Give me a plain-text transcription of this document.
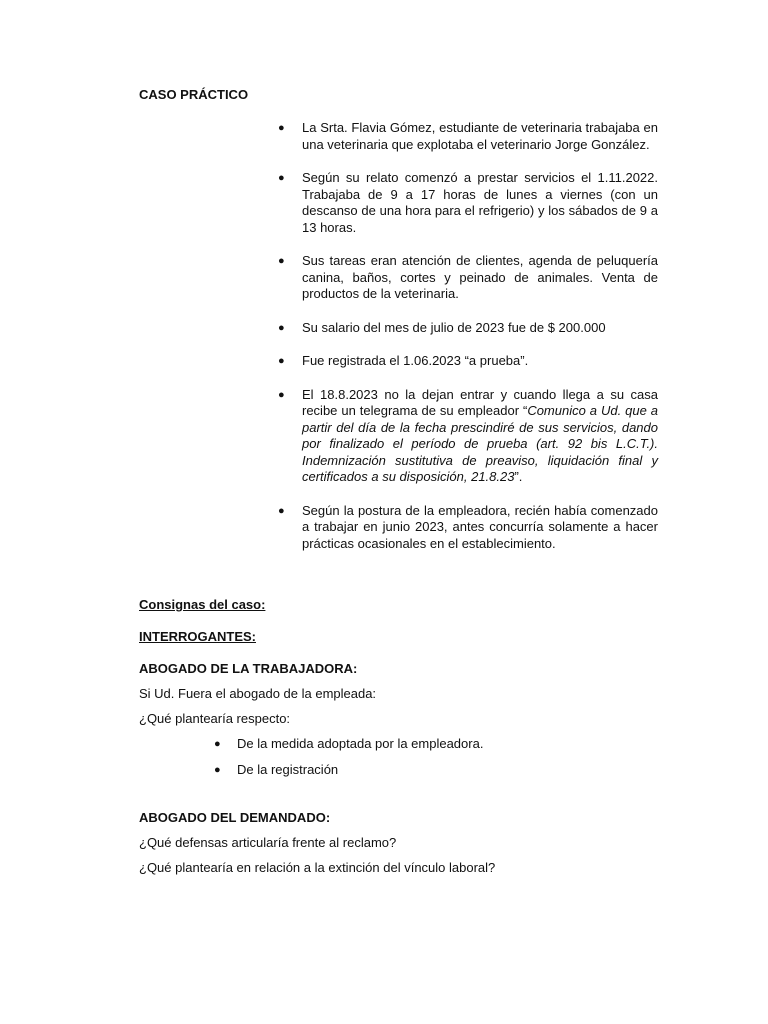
CASO PRÁCTICO

● La Srta. Flavia Gómez, estudiante de veterinaria trabajaba en una veterinaria que explotaba el veterinario Jorge González.
● Según su relato comenzó a prestar servicios el 1.11.2022. Trabajaba de 9 a 17 horas de lunes a viernes (con un descanso de una hora para el refrigerio) y los sábados de 9 a 13 horas.
● Sus tareas eran atención de clientes, agenda de peluquería canina, baños, cortes y peinado de animales. Venta de productos de la veterinaria.
● Su salario del mes de julio de 2023 fue de $ 200.000
● Fue registrada el 1.06.2023 “a prueba”.
● El 18.8.2023 no la dejan entrar y cuando llega a su casa recibe un telegrama de su empleador “Comunico a Ud. que a partir del día de la fecha prescindiré de sus servicios, dando por finalizado el período de prueba (art. 92 bis L.C.T.). Indemnización sustitutiva de preaviso, liquidación final y certificados a su disposición, 21.8.23”.
● Según la postura de la empleadora, recién había comenzado a trabajar en junio 2023, antes concurría solamente a hacer prácticas ocasionales en el establecimiento.

Consignas del caso:

INTERROGANTES:

ABOGADO DE LA TRABAJADORA:

Si Ud. Fuera el abogado de la empleada:

¿Qué plantearía respecto:

● De la medida adoptada por la empleadora.
● De la registración

ABOGADO DEL DEMANDADO:

¿Qué defensas articularía frente al reclamo?

¿Qué plantearía en relación a la extinción del vínculo laboral?
